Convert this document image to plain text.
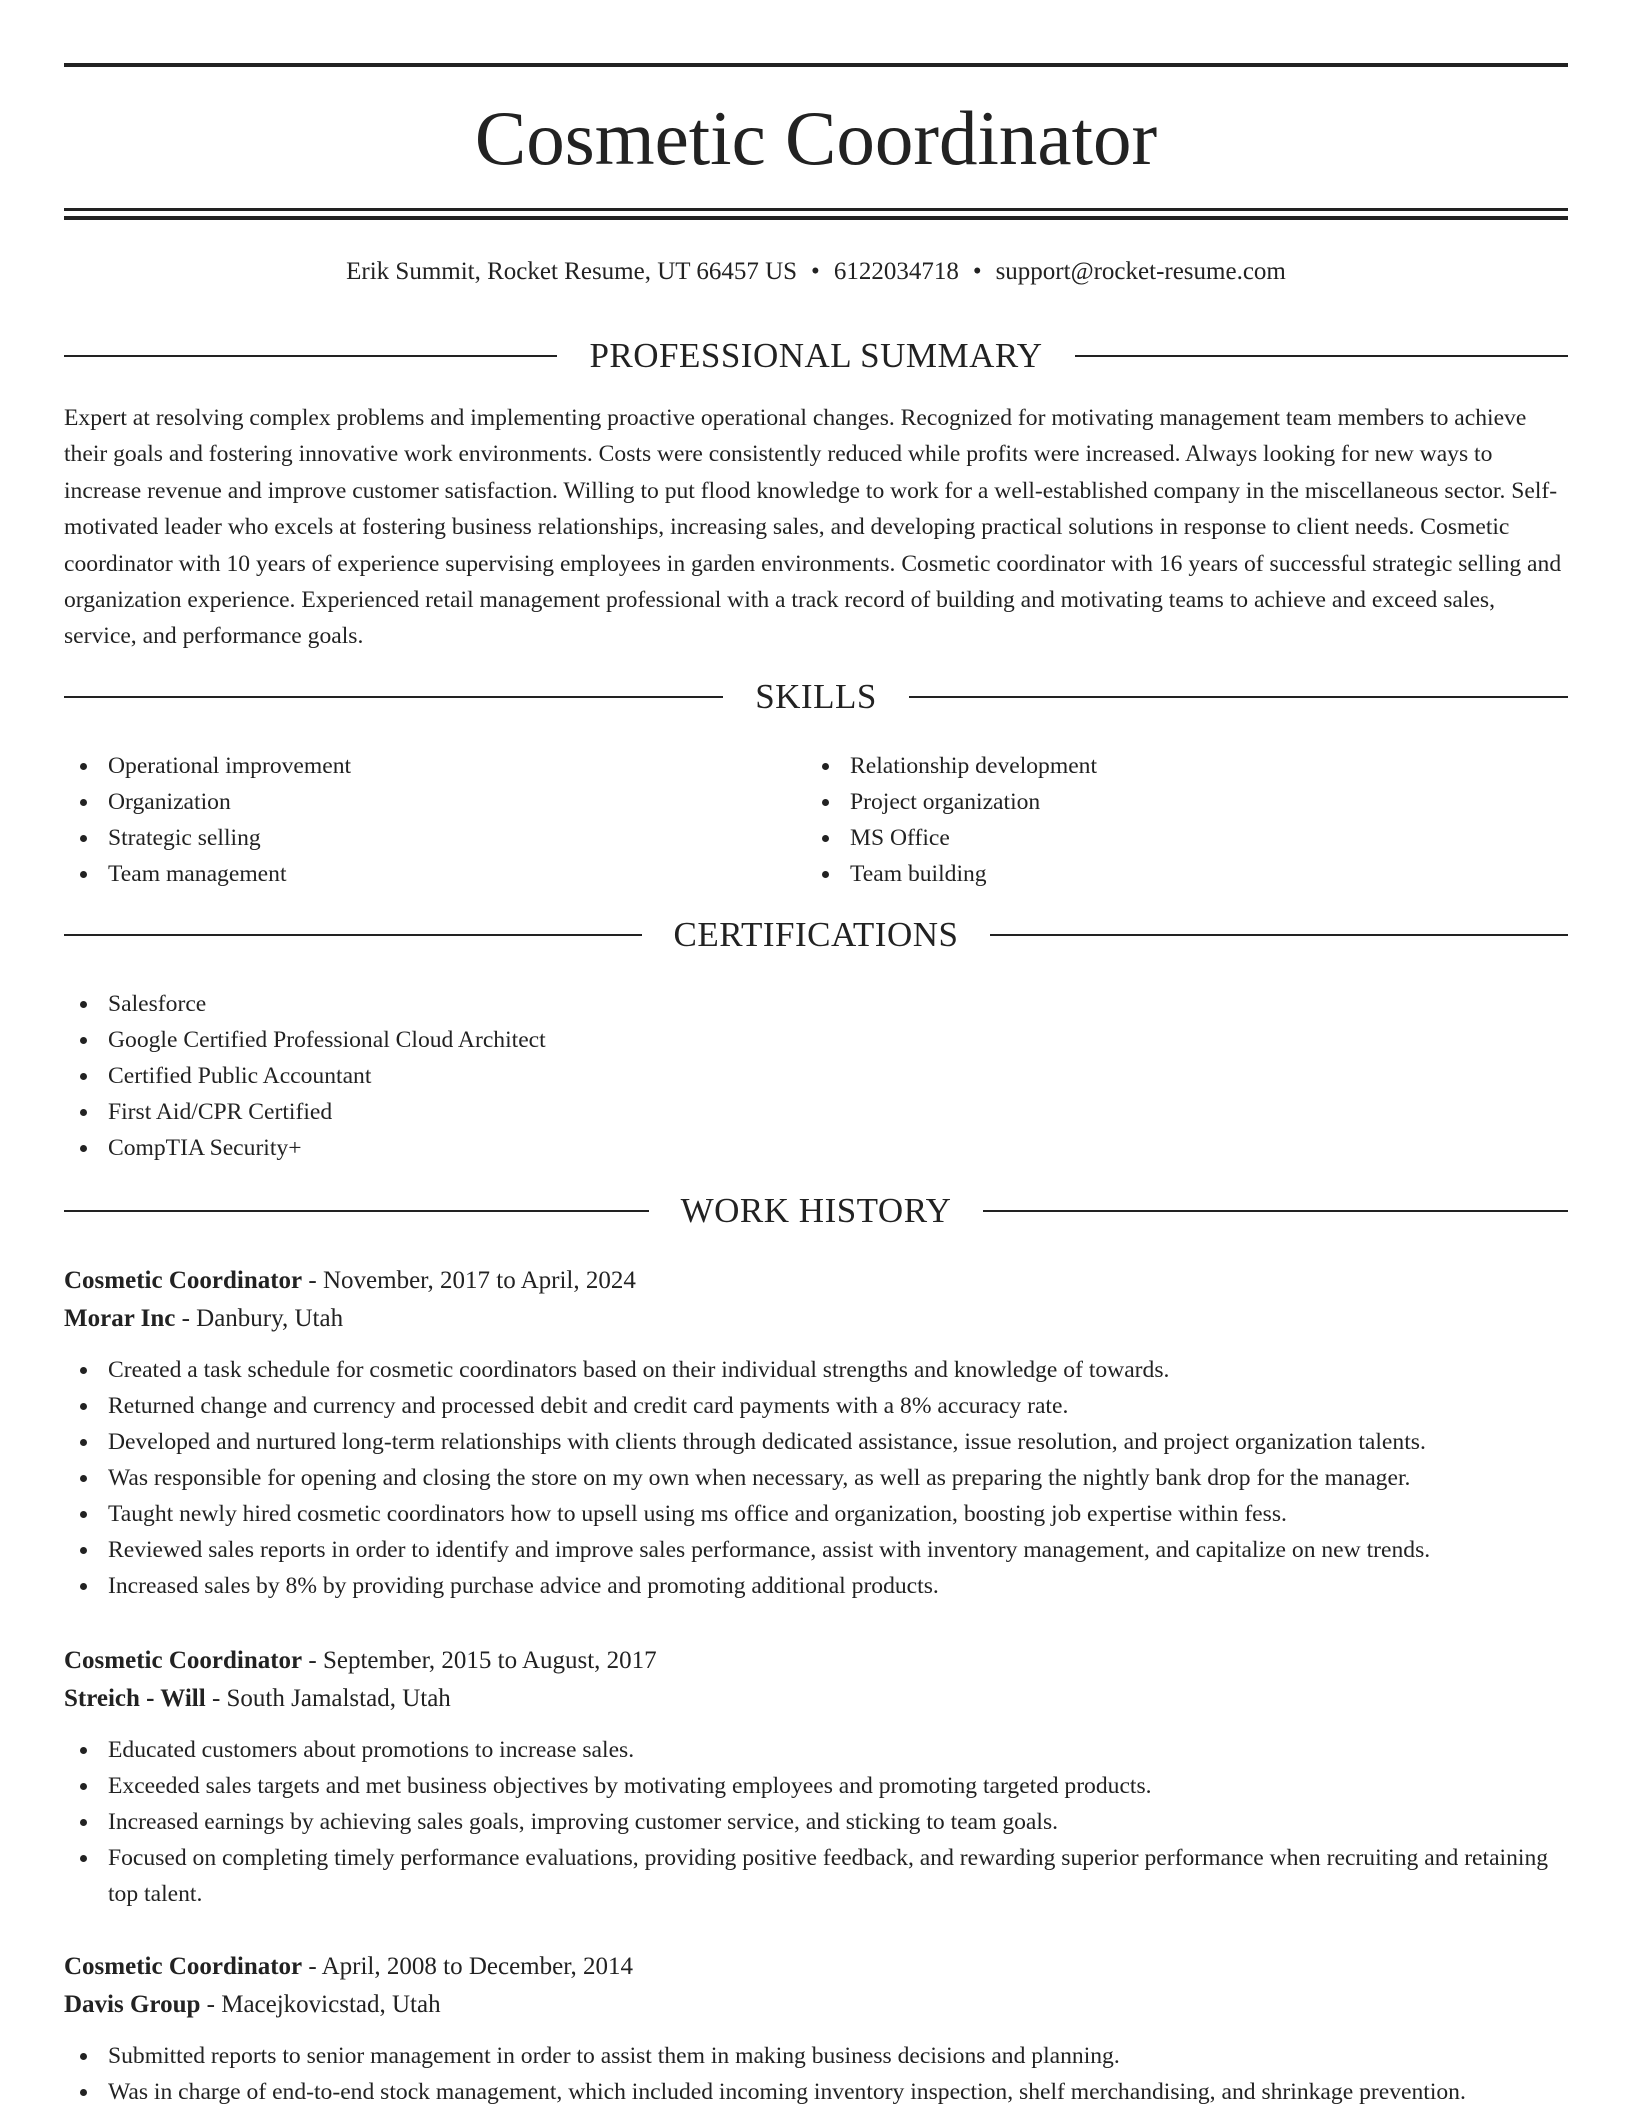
Cosmetic Coordinator
Erik Summit, Rocket Resume, UT 66457 US • 6122034718 • support@rocket-resume.com
PROFESSIONAL SUMMARY
Expert at resolving complex problems and implementing proactive operational changes. Recognized for motivating management team members to achieve their goals and fostering innovative work environments. Costs were consistently reduced while profits were increased. Always looking for new ways to increase revenue and improve customer satisfaction. Willing to put flood knowledge to work for a well-established company in the miscellaneous sector. Self-motivated leader who excels at fostering business relationships, increasing sales, and developing practical solutions in response to client needs. Cosmetic coordinator with 10 years of experience supervising employees in garden environments. Cosmetic coordinator with 16 years of successful strategic selling and organization experience. Experienced retail management professional with a track record of building and motivating teams to achieve and exceed sales, service, and performance goals.
SKILLS
Operational improvement
Organization
Strategic selling
Team management
Relationship development
Project organization
MS Office
Team building
CERTIFICATIONS
Salesforce
Google Certified Professional Cloud Architect
Certified Public Accountant
First Aid/CPR Certified
CompTIA Security+
WORK HISTORY
Cosmetic Coordinator - November, 2017 to April, 2024
Morar Inc - Danbury, Utah
Created a task schedule for cosmetic coordinators based on their individual strengths and knowledge of towards.
Returned change and currency and processed debit and credit card payments with a 8% accuracy rate.
Developed and nurtured long-term relationships with clients through dedicated assistance, issue resolution, and project organization talents.
Was responsible for opening and closing the store on my own when necessary, as well as preparing the nightly bank drop for the manager.
Taught newly hired cosmetic coordinators how to upsell using ms office and organization, boosting job expertise within fess.
Reviewed sales reports in order to identify and improve sales performance, assist with inventory management, and capitalize on new trends.
Increased sales by 8% by providing purchase advice and promoting additional products.
Cosmetic Coordinator - September, 2015 to August, 2017
Streich - Will - South Jamalstad, Utah
Educated customers about promotions to increase sales.
Exceeded sales targets and met business objectives by motivating employees and promoting targeted products.
Increased earnings by achieving sales goals, improving customer service, and sticking to team goals.
Focused on completing timely performance evaluations, providing positive feedback, and rewarding superior performance when recruiting and retaining top talent.
Cosmetic Coordinator - April, 2008 to December, 2014
Davis Group - Macejkovicstad, Utah
Submitted reports to senior management in order to assist them in making business decisions and planning.
Was in charge of end-to-end stock management, which included incoming inventory inspection, shelf merchandising, and shrinkage prevention.
